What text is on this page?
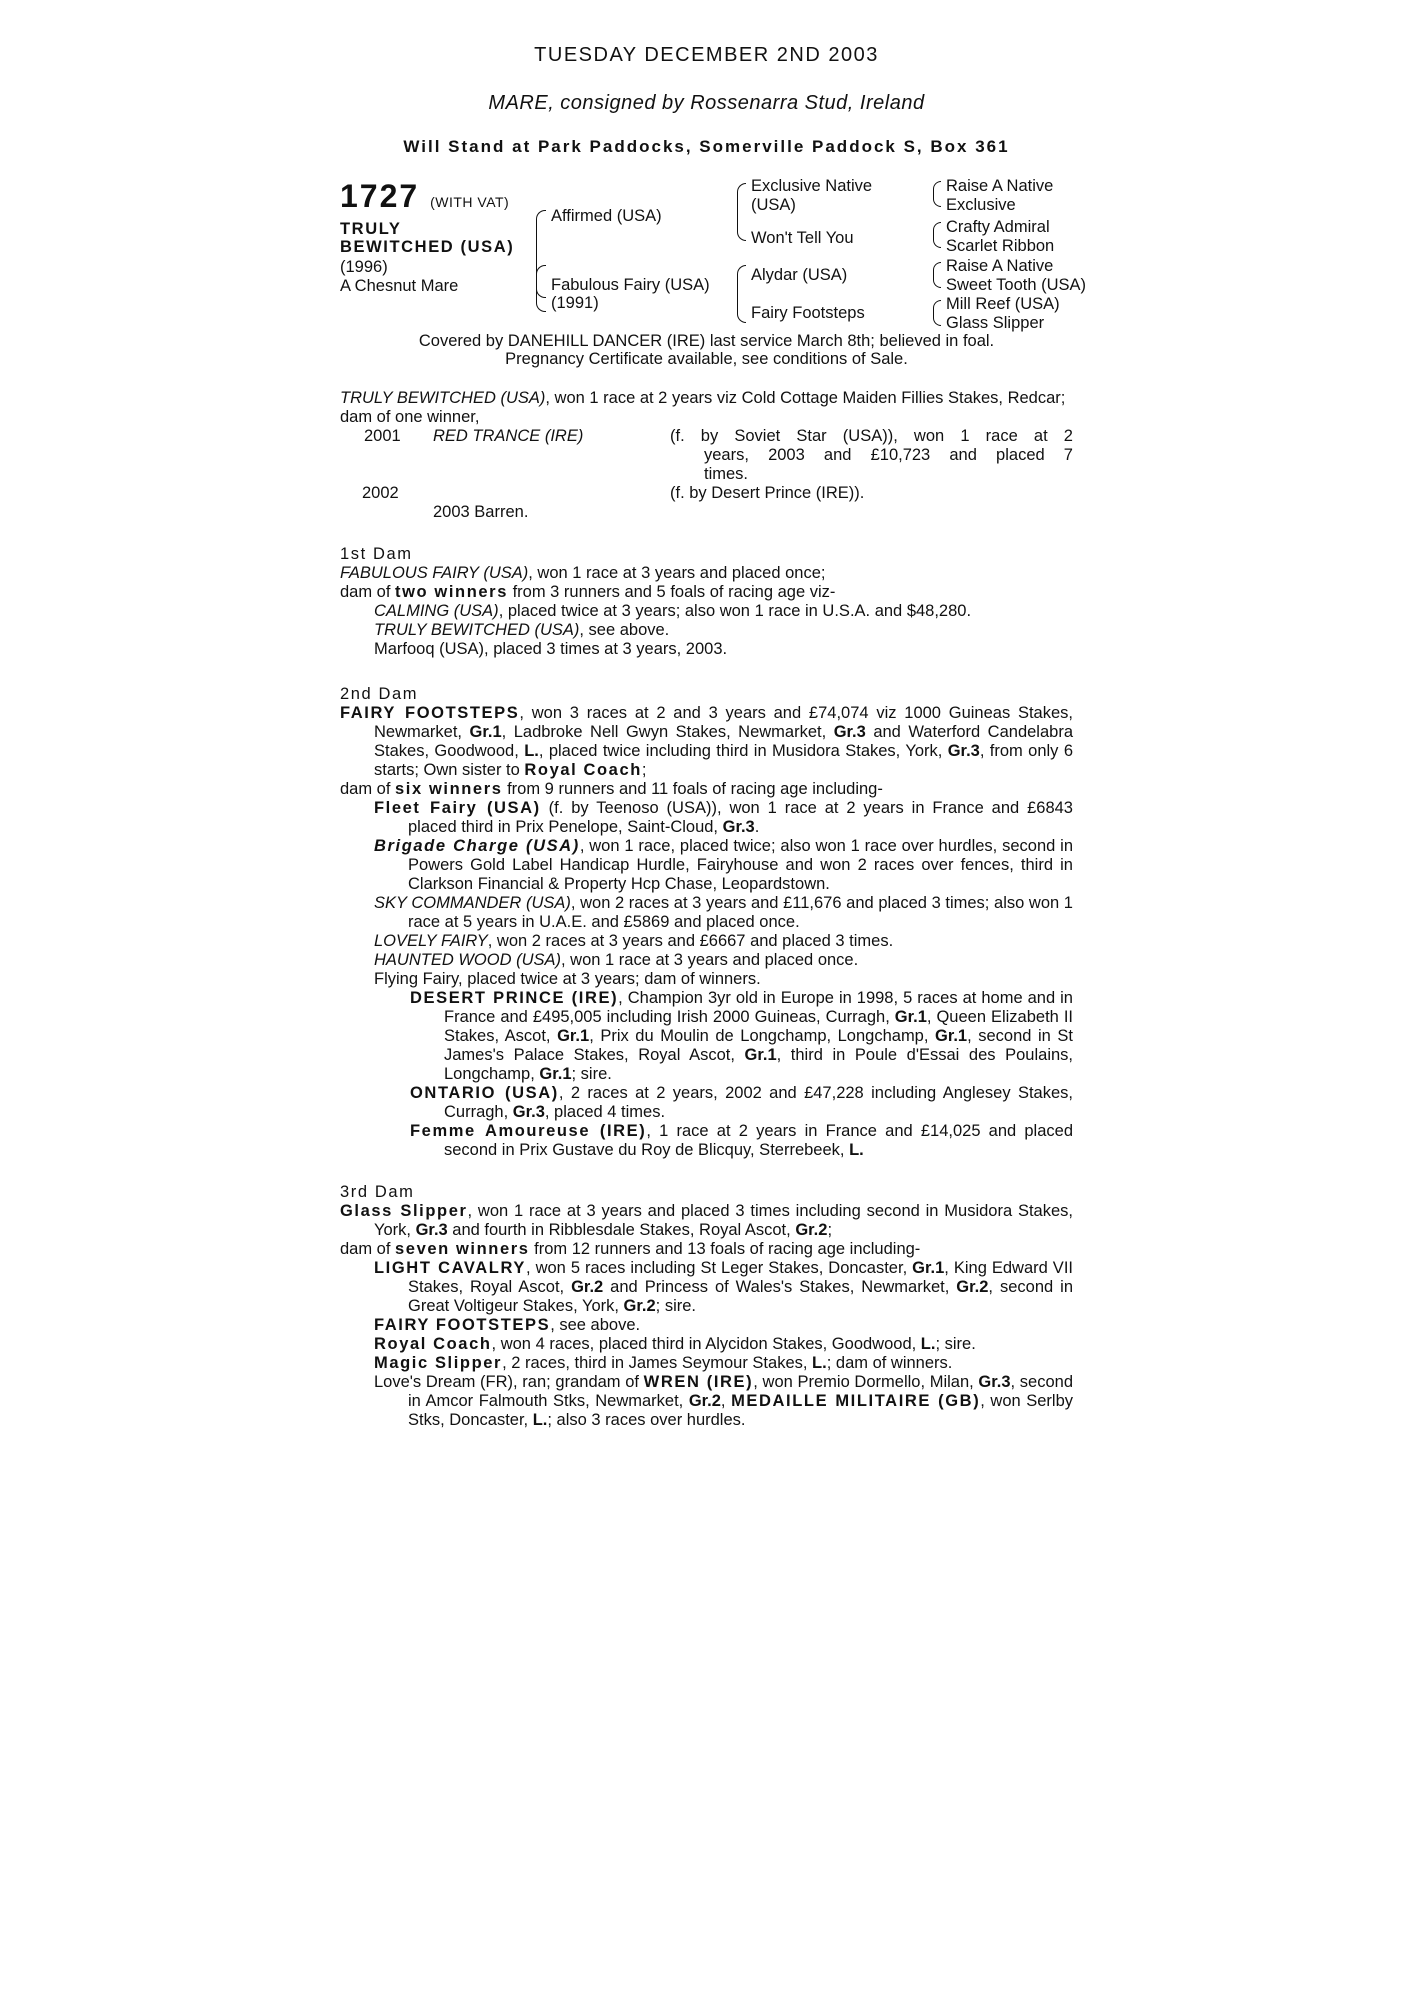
TUESDAY DECEMBER 2ND 2003
MARE, consigned by Rossenarra Stud, Ireland
Will Stand at Park Paddocks, Somerville Paddock S, Box 361
1727 (WITH VAT)
TRULY
BEWITCHED (USA)
(1996)
A Chesnut Mare
Affirmed (USA)
Fabulous Fairy (USA)
(1991)
Exclusive Native
(USA)
Won't Tell You
Alydar (USA)
Fairy Footsteps
Raise A Native
Exclusive
Crafty Admiral
Scarlet Ribbon
Raise A Native
Sweet Tooth (USA)
Mill Reef (USA)
Glass Slipper
Covered by DANEHILL DANCER (IRE) last service March 8th; believed in foal.
Pregnancy Certificate available, see conditions of Sale.

TRULY BEWITCHED (USA), won 1 race at 2 years viz Cold Cottage Maiden Fillies Stakes, Redcar;

dam of one winner,

2001 RED TRANCE (IRE)	(f. by Soviet Star (USA)), won 1 race at 2
years, 2003 and £10,723 and placed 7
times.
2002	(f. by Desert Prince (IRE)).
2003 Barren.

1st Dam

FABULOUS FAIRY (USA), won 1 race at 3 years and placed once;

dam of two winners from 3 runners and 5 foals of racing age viz-

CALMING (USA), placed twice at 3 years; also won 1 race in U.S.A. and $48,280.

TRULY BEWITCHED (USA), see above.

Marfooq (USA), placed 3 times at 3 years, 2003.

2nd Dam

FAIRY FOOTSTEPS, won 3 races at 2 and 3 years and £74,074 viz 1000 Guineas Stakes, Newmarket, Gr.1, Ladbroke Nell Gwyn Stakes, Newmarket, Gr.3 and Waterford Candelabra Stakes, Goodwood, L., placed twice including third in Musidora Stakes, York, Gr.3, from only 6 starts; Own sister to Royal Coach;

dam of six winners from 9 runners and 11 foals of racing age including-

Fleet Fairy (USA) (f. by Teenoso (USA)), won 1 race at 2 years in France and £6843 placed third in Prix Penelope, Saint-Cloud, Gr.3.

Brigade Charge (USA), won 1 race, placed twice; also won 1 race over hurdles, second in Powers Gold Label Handicap Hurdle, Fairyhouse and won 2 races over fences, third in Clarkson Financial & Property Hcp Chase, Leopardstown.

SKY COMMANDER (USA), won 2 races at 3 years and £11,676 and placed 3 times; also won 1 race at 5 years in U.A.E. and £5869 and placed once.

LOVELY FAIRY, won 2 races at 3 years and £6667 and placed 3 times.

HAUNTED WOOD (USA), won 1 race at 3 years and placed once.

Flying Fairy, placed twice at 3 years; dam of winners.

DESERT PRINCE (IRE), Champion 3yr old in Europe in 1998, 5 races at home and in France and £495,005 including Irish 2000 Guineas, Curragh, Gr.1, Queen Elizabeth II Stakes, Ascot, Gr.1, Prix du Moulin de Longchamp, Longchamp, Gr.1, second in St James's Palace Stakes, Royal Ascot, Gr.1, third in Poule d'Essai des Poulains, Longchamp, Gr.1; sire.

ONTARIO (USA), 2 races at 2 years, 2002 and £47,228 including Anglesey Stakes, Curragh, Gr.3, placed 4 times.

Femme Amoureuse (IRE), 1 race at 2 years in France and £14,025 and placed second in Prix Gustave du Roy de Blicquy, Sterrebeek, L.

3rd Dam

Glass Slipper, won 1 race at 3 years and placed 3 times including second in Musidora Stakes, York, Gr.3 and fourth in Ribblesdale Stakes, Royal Ascot, Gr.2;

dam of seven winners from 12 runners and 13 foals of racing age including-

LIGHT CAVALRY, won 5 races including St Leger Stakes, Doncaster, Gr.1, King Edward VII Stakes, Royal Ascot, Gr.2 and Princess of Wales's Stakes, Newmarket, Gr.2, second in Great Voltigeur Stakes, York, Gr.2; sire.

FAIRY FOOTSTEPS, see above.

Royal Coach, won 4 races, placed third in Alycidon Stakes, Goodwood, L.; sire.

Magic Slipper, 2 races, third in James Seymour Stakes, L.; dam of winners.

Love's Dream (FR), ran; grandam of WREN (IRE), won Premio Dormello, Milan, Gr.3, second in Amcor Falmouth Stks, Newmarket, Gr.2, MEDAILLE MILITAIRE (GB), won Serlby Stks, Doncaster, L.; also 3 races over hurdles.
